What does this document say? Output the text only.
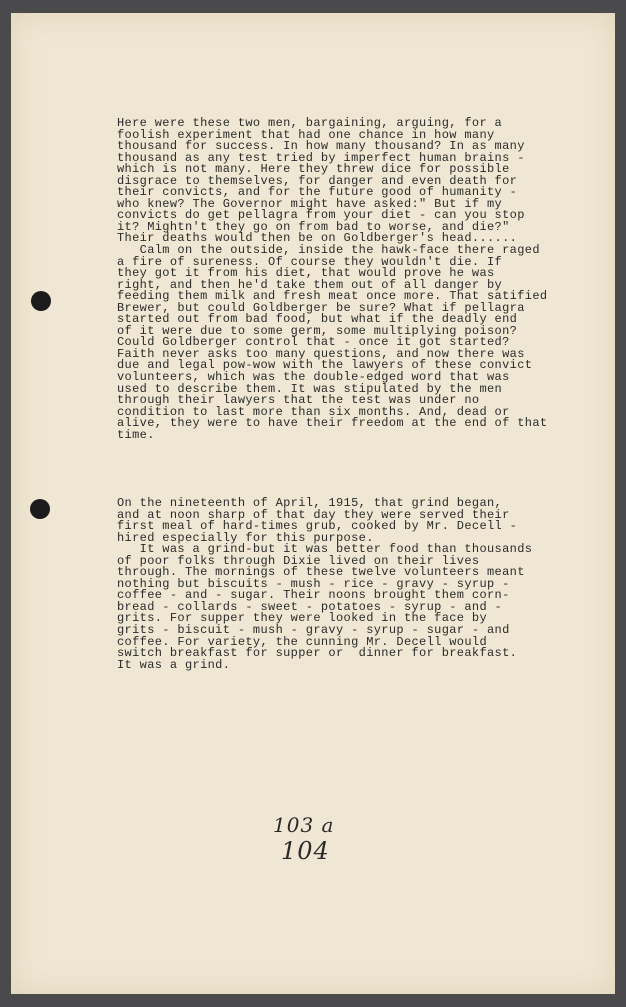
Here were these two men, bargaining, arguing, for a
foolish experiment that had one chance in how many
thousand for success. In how many thousand? In as many
thousand as any test tried by imperfect human brains -
which is not many. Here they threw dice for possible
disgrace to themselves, for danger and even death for
their convicts, and for the future good of humanity -
who knew? The Governor might have asked:" But if my
convicts do get pellagra from your diet - can you stop
it? Mightn't they go on from bad to worse, and die?"
Their deaths would then be on Goldberger's head......
Calm on the outside, inside the hawk-face there raged
a fire of sureness. Of course they wouldn't die. If
they got it from his diet, that would prove he was
right, and then he'd take them out of all danger by
feeding them milk and fresh meat once more. That satified
Brewer, but could Goldberger be sure? What if pellagra
started out from bad food, but what if the deadly end
of it were due to some germ, some multiplying poison?
Could Goldberger control that - once it got started?
Faith never asks too many questions, and now there was
due and legal pow-wow with the lawyers of these convict
volunteers, which was the double-edged word that was
used to describe them. It was stipulated by the men
through their lawyers that the test was under no
condition to last more than six months. And, dead or
alive, they were to have their freedom at the end of that
time.
On the nineteenth of April, 1915, that grind began,
and at noon sharp of that day they were served their
first meal of hard-times grub, cooked by Mr. Decell -
hired especially for this purpose.
It was a grind-but it was better food than thousands
of poor folks through Dixie lived on their lives
through. The mornings of these twelve volunteers meant
nothing but biscuits - mush - rice - gravy - syrup -
coffee - and - sugar. Their noons brought them corn-
bread - collards - sweet - potatoes - syrup - and -
grits. For supper they were looked in the face by
grits - biscuit - mush - gravy - syrup - sugar - and
coffee. For variety, the cunning Mr. Decell would
switch breakfast for supper or  dinner for breakfast.
It was a grind.
103 a
104
